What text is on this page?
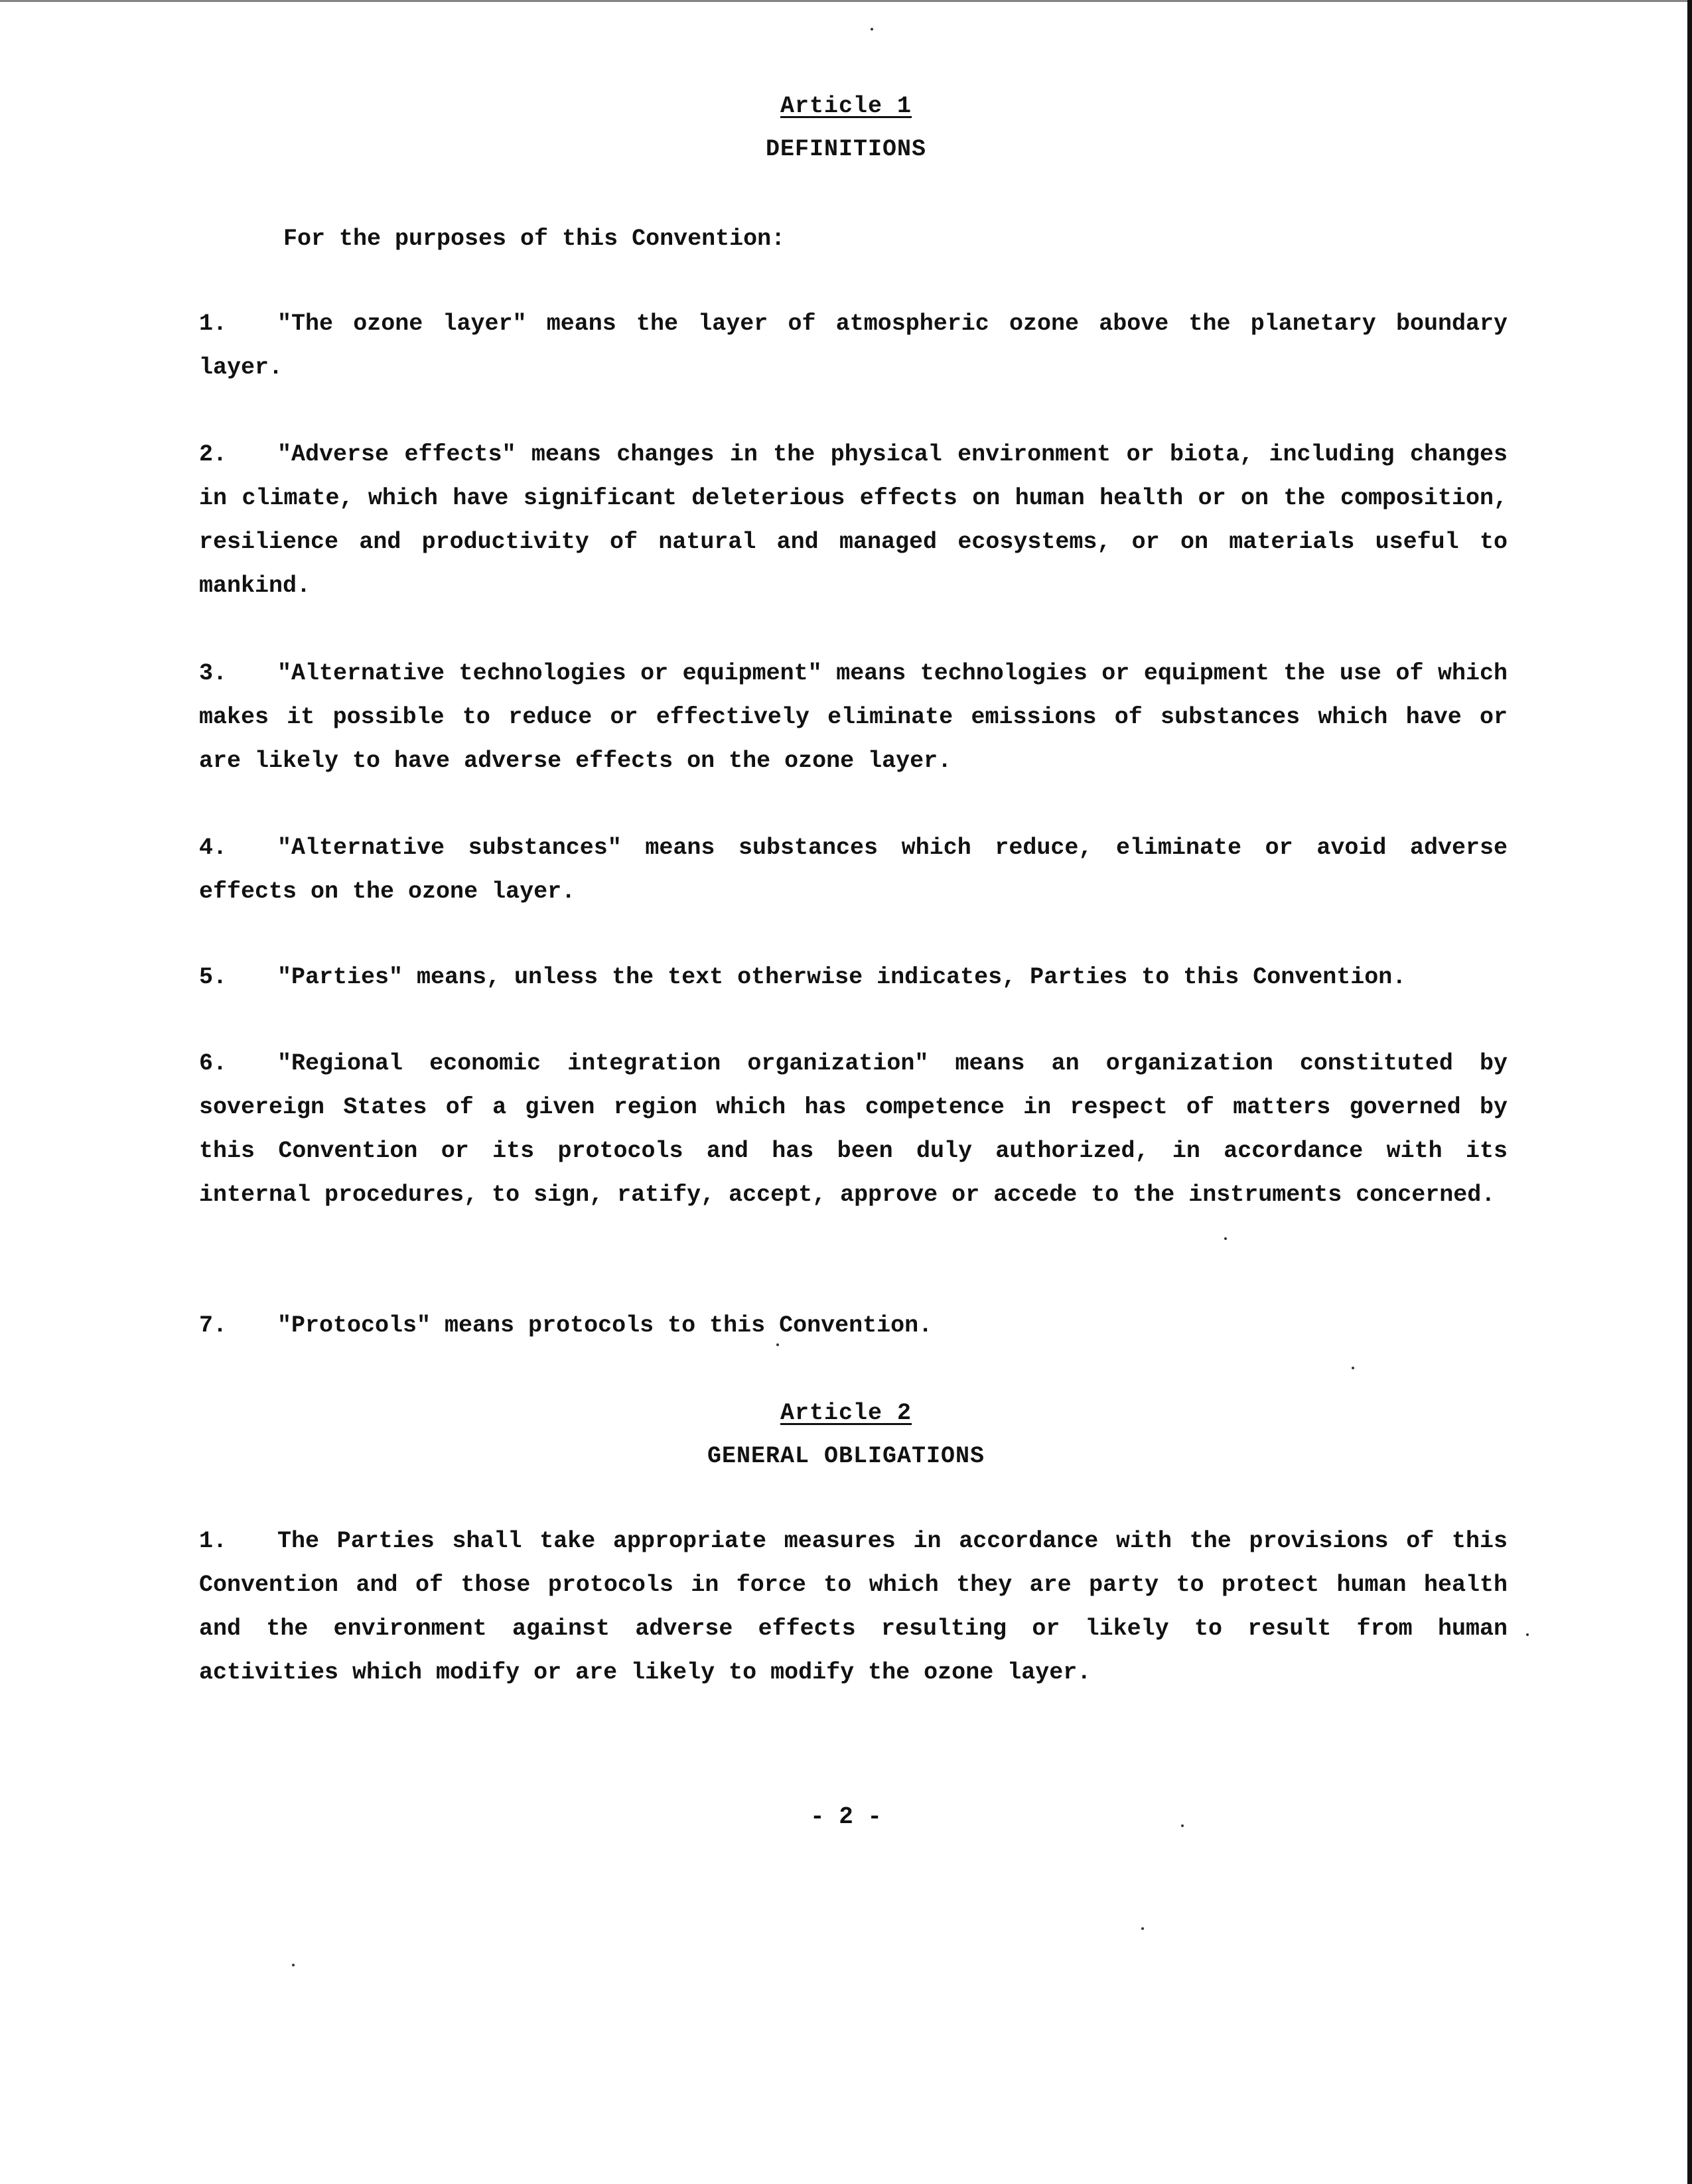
Article 1
DEFINITIONS

For the purposes of this Convention:

1. "The ozone layer" means the layer of atmospheric ozone above the planetary boundary layer.

2. "Adverse effects" means changes in the physical environment or biota, including changes in climate, which have significant deleterious effects on human health or on the composition, resilience and productivity of natural and managed ecosystems, or on materials useful to mankind.

3. "Alternative technologies or equipment" means technologies or equipment the use of which makes it possible to reduce or effectively eliminate emissions of substances which have or are likely to have adverse effects on the ozone layer.

4. "Alternative substances" means substances which reduce, eliminate or avoid adverse effects on the ozone layer.

5. "Parties" means, unless the text otherwise indicates, Parties to this Convention.

6. "Regional economic integration organization" means an organization constituted by sovereign States of a given region which has competence in respect of matters governed by this Convention or its protocols and has been duly authorized, in accordance with its internal procedures, to sign, ratify, accept, approve or accede to the instruments concerned.

7. "Protocols" means protocols to this Convention.

Article 2
GENERAL OBLIGATIONS

1. The Parties shall take appropriate measures in accordance with the provisions of this Convention and of those protocols in force to which they are party to protect human health and the environment against adverse effects resulting or likely to result from human activities which modify or are likely to modify the ozone layer.

- 2 -
